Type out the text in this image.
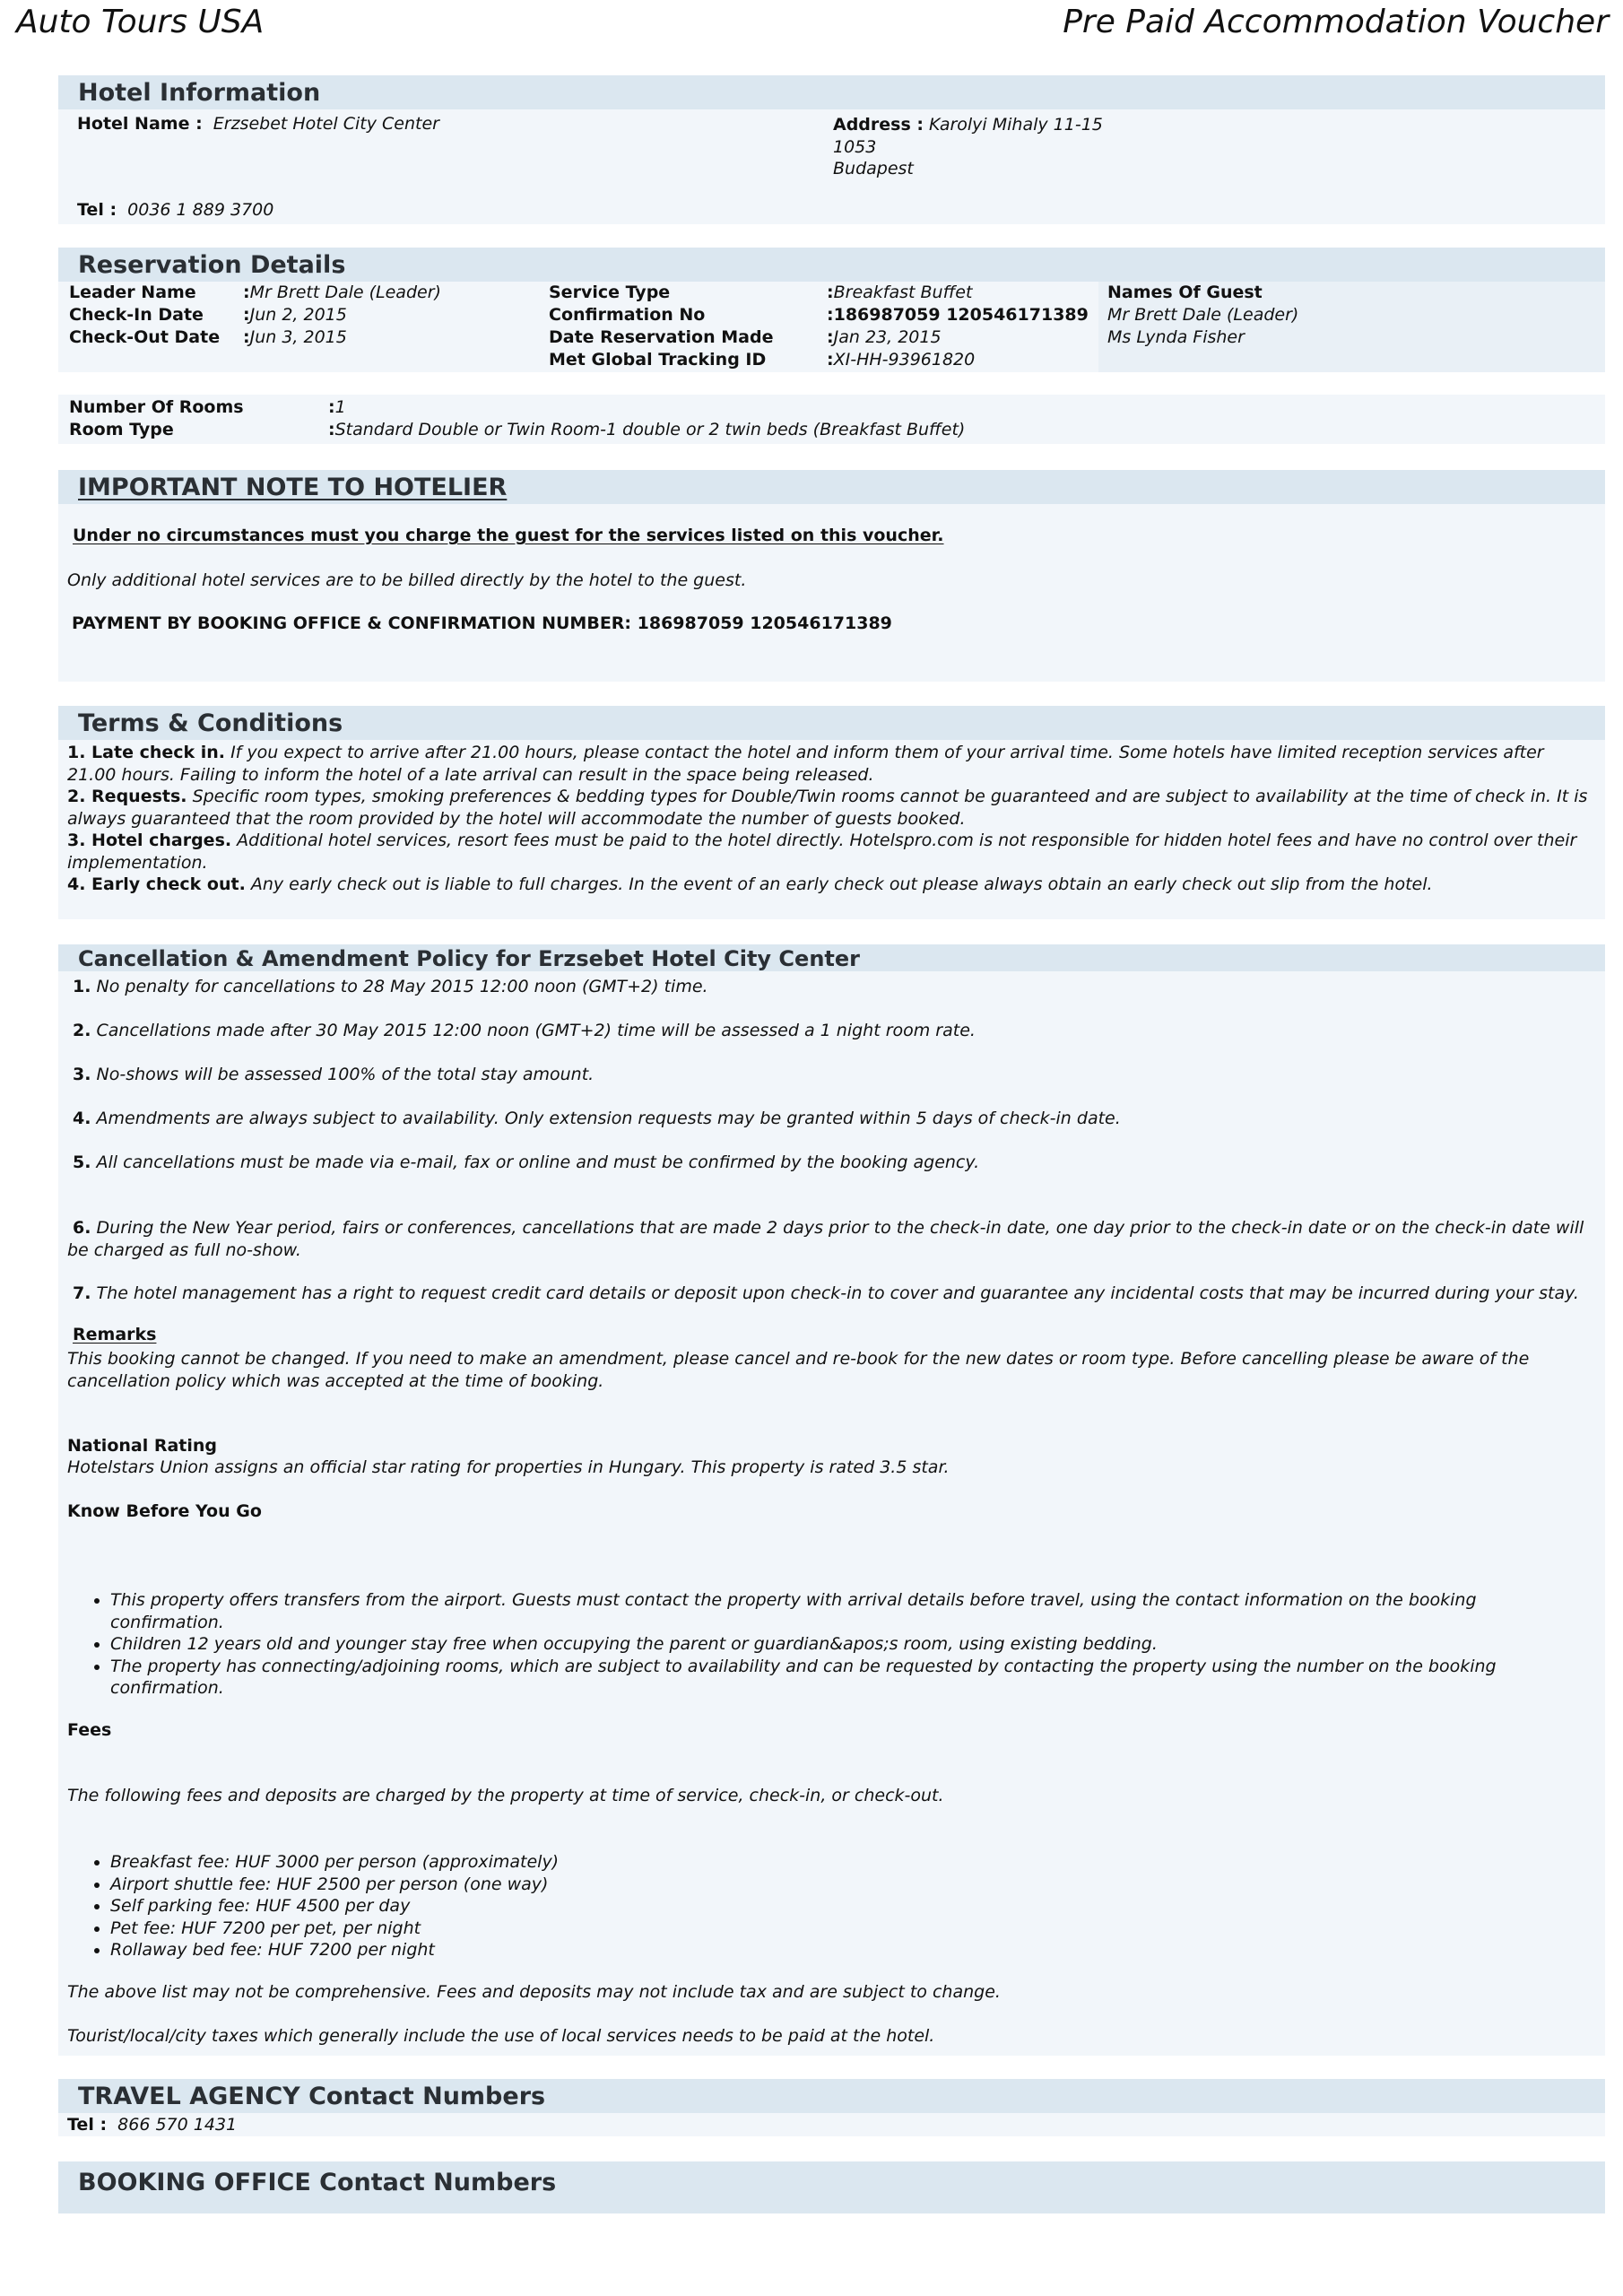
Auto Tours USA	Pre Paid Accommodation Voucher
Hotel Information
Hotel Name : Erzsebet Hotel City Center	Address : Karolyi Mihaly 11-15
1053
Budapest
Tel : 0036 1 889 3700
Reservation Details
Leader Name	:Mr Brett Dale (Leader)
Check-In Date :Jun 2, 2015
Check-Out Date :Jun 3, 2015
Service Type	:Breakfast Buffet
Confirmation No	:186987059 120546171389
Date Reservation Made	:Jan 23, 2015
Met Global Tracking ID	:XI-HH-93961820
Names Of Guest
Mr Brett Dale (Leader)
Ms Lynda Fisher
Number Of Rooms	:1
Room Type	:Standard Double or Twin Room-1 double or 2 twin beds (Breakfast Buffet)
IMPORTANT NOTE TO HOTELIER
Under no circumstances must you charge the guest for the services listed on this voucher.
Only additional hotel services are to be billed directly by the hotel to the guest.
PAYMENT BY BOOKING OFFICE & CONFIRMATION NUMBER: 186987059 120546171389
Terms & Conditions
1. Late check in. If you expect to arrive after 21.00 hours, please contact the hotel and inform them of your arrival time. Some hotels have limited reception services after 21.00 hours. Failing to inform the hotel of a late arrival can result in the space being released.
2. Requests. Specific room types, smoking preferences & bedding types for Double/Twin rooms cannot be guaranteed and are subject to availability at the time of check in. It is always guaranteed that the room provided by the hotel will accommodate the number of guests booked.
3. Hotel charges. Additional hotel services, resort fees must be paid to the hotel directly. Hotelspro.com is not responsible for hidden hotel fees and have no control over their implementation.
4. Early check out. Any early check out is liable to full charges. In the event of an early check out please always obtain an early check out slip from the hotel.
Cancellation & Amendment Policy for Erzsebet Hotel City Center
1. No penalty for cancellations to 28 May 2015 12:00 noon (GMT+2) time.
2. Cancellations made after 30 May 2015 12:00 noon (GMT+2) time will be assessed a 1 night room rate.
3. No-shows will be assessed 100% of the total stay amount.
4. Amendments are always subject to availability. Only extension requests may be granted within 5 days of check-in date.
5. All cancellations must be made via e-mail, fax or online and must be confirmed by the booking agency.
6. During the New Year period, fairs or conferences, cancellations that are made 2 days prior to the check-in date, one day prior to the check-in date or on the check-in date will be charged as full no-show.
7. The hotel management has a right to request credit card details or deposit upon check-in to cover and guarantee any incidental costs that may be incurred during your stay.
Remarks
This booking cannot be changed. If you need to make an amendment, please cancel and re-book for the new dates or room type. Before cancelling please be aware of the cancellation policy which was accepted at the time of booking.
National Rating
Hotelstars Union assigns an official star rating for properties in Hungary. This property is rated 3.5 star.
Know Before You Go
• This property offers transfers from the airport. Guests must contact the property with arrival details before travel, using the contact information on the booking confirmation.
• Children 12 years old and younger stay free when occupying the parent or guardian&apos;s room, using existing bedding.
• The property has connecting/adjoining rooms, which are subject to availability and can be requested by contacting the property using the number on the booking confirmation.
Fees
The following fees and deposits are charged by the property at time of service, check-in, or check-out.
• Breakfast fee: HUF 3000 per person (approximately)
• Airport shuttle fee: HUF 2500 per person (one way)
• Self parking fee: HUF 4500 per day
• Pet fee: HUF 7200 per pet, per night
• Rollaway bed fee: HUF 7200 per night
The above list may not be comprehensive. Fees and deposits may not include tax and are subject to change.
Tourist/local/city taxes which generally include the use of local services needs to be paid at the hotel.
TRAVEL AGENCY Contact Numbers
Tel : 866 570 1431
BOOKING OFFICE Contact Numbers
